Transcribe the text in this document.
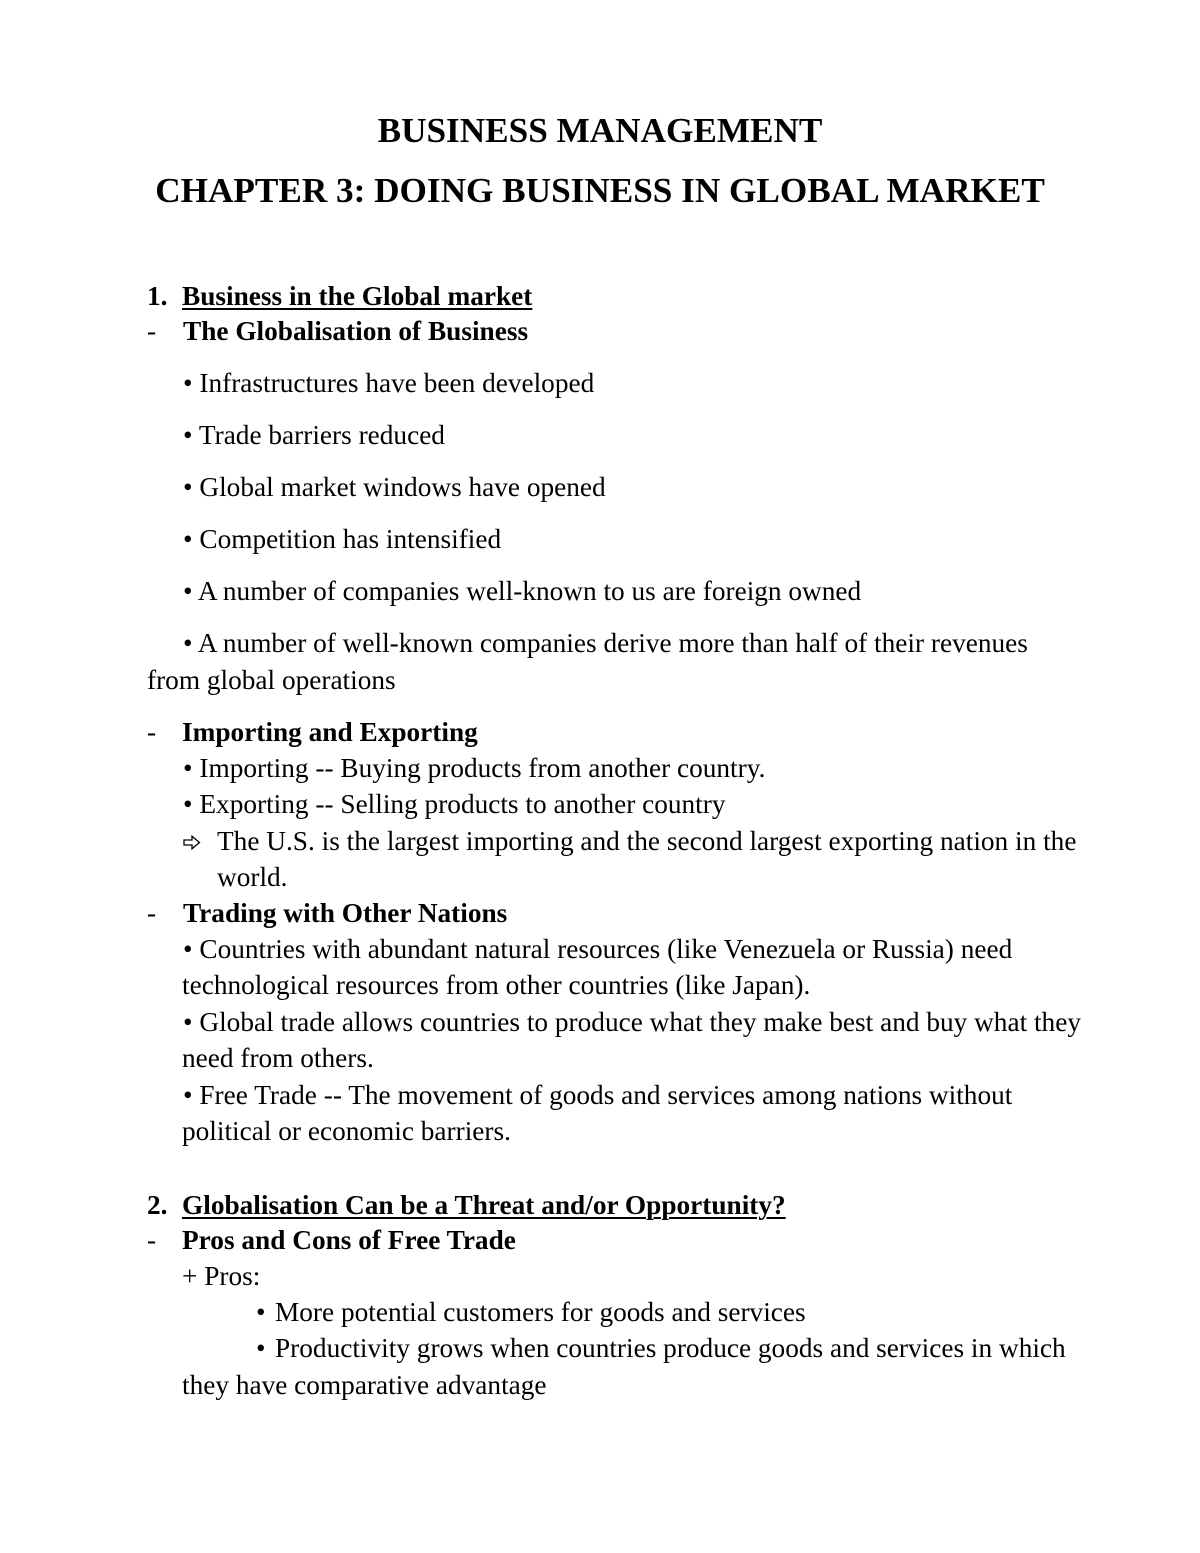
BUSINESS MANAGEMENT
CHAPTER 3: DOING BUSINESS IN GLOBAL MARKET
1. Business in the Global market
- The Globalisation of Business
• Infrastructures have been developed
• Trade barriers reduced
• Global market windows have opened
• Competition has intensified
• A number of companies well-known to us are foreign owned
• A number of well-known companies derive more than half of their revenues
from global operations
- Importing and Exporting
• Importing -- Buying products from another country.
• Exporting -- Selling products to another country
The U.S. is the largest importing and the second largest exporting nation in the
world.
- Trading with Other Nations
• Countries with abundant natural resources (like Venezuela or Russia) need
technological resources from other countries (like Japan).
• Global trade allows countries to produce what they make best and buy what they
need from others.
• Free Trade -- The movement of goods and services among nations without
political or economic barriers.
2. Globalisation Can be a Threat and/or Opportunity?
- Pros and Cons of Free Trade
+ Pros:
• More potential customers for goods and services
• Productivity grows when countries produce goods and services in which
they have comparative advantage
